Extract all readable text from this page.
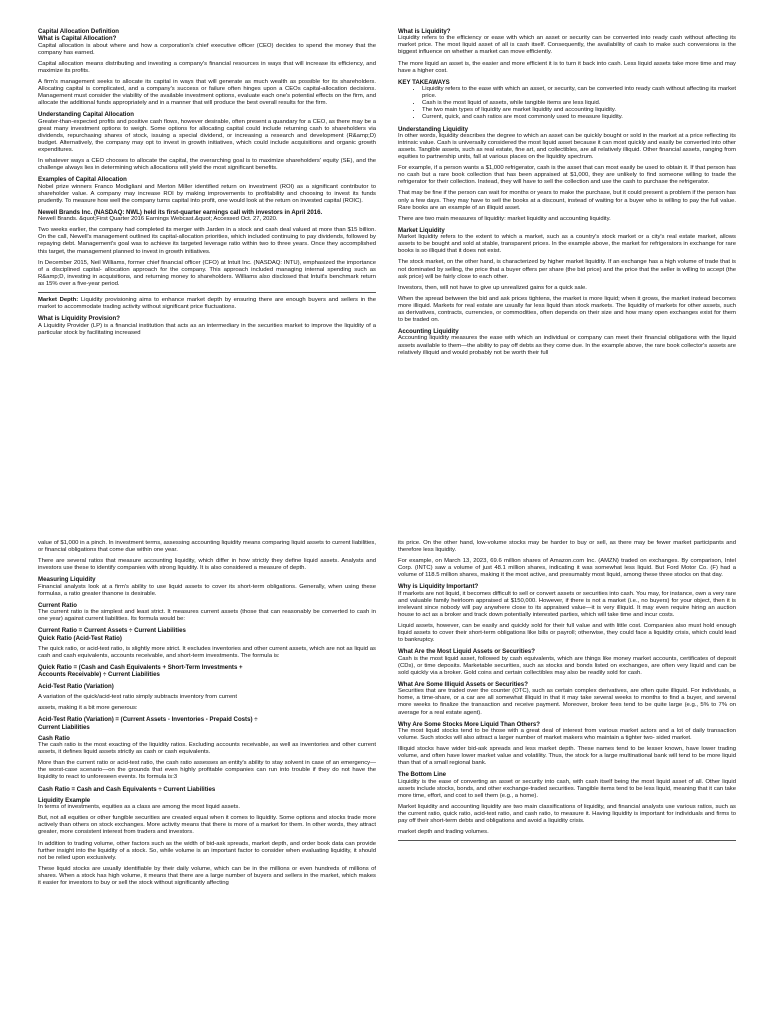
Capital Allocation Definition
What is Capital Allocation?

Capital allocation is about where and how a corporation's chief executive officer (CEO) decides to spend the money that the company has earned.

Capital allocation means distributing and investing a company's financial resources in ways that will increase its efficiency, and maximize its profits.

A firm's management seeks to allocate its capital in ways that will generate as much wealth as possible for its shareholders. Allocating capital is complicated, and a company's success or failure often hinges upon a CEOs capital-allocation decisions. Management must consider the viability of the available investment options, evaluate each one's potential effects on the firm, and allocate the additional funds appropriately and in a manner that will produce the best overall results for the firm.

Understanding Capital Allocation

Greater-than-expected profits and positive cash flows, however desirable, often present a quandary for a CEO, as there may be a great many investment options to weigh. Some options for allocating capital could include returning cash to shareholders via dividends, repurchasing shares of stock, issuing a special dividend, or increasing a research and development (R&amp;D) budget. Alternatively, the company may opt to invest in growth initiatives, which could include acquisitions and organic growth expenditures.

In whatever ways a CEO chooses to allocate the capital, the overarching goal is to maximize shareholders' equity (SE), and the challenge always lies in determining which allocations will yield the most significant benefits.

Examples of Capital Allocation

Nobel prize winners Franco Modigliani and Merton Miller identified return on investment (ROI) as a significant contributor to shareholder value. A company may increase ROI by making improvements to profitability and choosing to invest its funds prudently. To measure how well the company turns capital into profit, one would look at the return on invested capital (ROIC).

Newell Brands Inc. (NASDAQ: NWL) held its first-quarter earnings call with investors in April 2016.

Newell Brands. &quot;First Quarter 2016 Earnings Webcast.&quot; Accessed Oct. 27, 2020.

Two weeks earlier, the company had completed its merger with Jarden in a stock and cash deal valued at more than $15 billion. On the call, Newell's management outlined its capital-allocation priorities, which included continuing to pay dividends, followed by repaying debt. Management's goal was to achieve its targeted leverage ratio within two to three years. Once they accomplished this target, the management planned to invest in growth initiatives.

In December 2015, Neil Williams, former chief financial officer (CFO) at Intuit Inc. (NASDAQ: INTU), emphasized the importance of a disciplined capital- allocation approach for the company. This approach included managing internal spending such as R&amp;D, investing in acquisitions, and returning money to shareholders. Williams also disclosed that Intuit's benchmark return as 15% over a five-year period.

Market Depth: Liquidity provisioning aims to enhance market depth by ensuring there are enough buyers and sellers in the market to accommodate trading activity without significant price fluctuations.

What is Liquidity Provision?

A Liquidity Provider (LP) is a financial institution that acts as an intermediary in the securities market to improve the liquidity of a particular stock by facilitating increased

What is Liquidity?

Liquidity refers to the efficiency or ease with which an asset or security can be converted into ready cash without affecting its market price. The most liquid asset of all is cash itself. Consequently, the availability of cash to make such conversions is the biggest influence on whether a market can move efficiently.

The more liquid an asset is, the easier and more efficient it is to turn it back into cash. Less liquid assets take more time and may have a higher cost.

KEY TAKEAWAYS
• Liquidity refers to the ease with which an asset, or security, can be converted into ready cash without affecting its market price.
• Cash is the most liquid of assets, while tangible items are less liquid.
• The two main types of liquidity are market liquidity and accounting liquidity.
• Current, quick, and cash ratios are most commonly used to measure liquidity.
Understanding Liquidity

In other words, liquidity describes the degree to which an asset can be quickly bought or sold in the market at a price reflecting its intrinsic value. Cash is universally considered the most liquid asset because it can most quickly and easily be converted into other assets. Tangible assets, such as real estate, fine art, and collectibles, are all relatively illiquid. Other financial assets, ranging from equities to partnership units, fall at various places on the liquidity spectrum.

For example, if a person wants a $1,000 refrigerator, cash is the asset that can most easily be used to obtain it. If that person has no cash but a rare book collection that has been appraised at $1,000, they are unlikely to find someone willing to trade the refrigerator for their collection. Instead, they will have to sell the collection and use the cash to purchase the refrigerator.

That may be fine if the person can wait for months or years to make the purchase, but it could present a problem if the person has only a few days. They may have to sell the books at a discount, instead of waiting for a buyer who is willing to pay the full value. Rare books are an example of an illiquid asset.

There are two main measures of liquidity: market liquidity and accounting liquidity.

Market Liquidity

Market liquidity refers to the extent to which a market, such as a country's stock market or a city's real estate market, allows assets to be bought and sold at stable, transparent prices. In the example above, the market for refrigerators in exchange for rare books is so illiquid that it does not exist.

The stock market, on the other hand, is characterized by higher market liquidity. If an exchange has a high volume of trade that is not dominated by selling, the price that a buyer offers per share (the bid price) and the price that the seller is willing to accept (the ask price) will be fairly close to each other.

Investors, then, will not have to give up unrealized gains for a quick sale.

When the spread between the bid and ask prices tightens, the market is more liquid; when it grows, the market instead becomes more illiquid. Markets for real estate are usually far less liquid than stock markets. The liquidity of markets for other assets, such as derivatives, contracts, currencies, or commodities, often depends on their size and how many open exchanges exist for them to be traded on.

Accounting Liquidity

Accounting liquidity measures the ease with which an individual or company can meet their financial obligations with the liquid assets available to them—the ability to pay off debts as they come due. In the example above, the rare book collector's assets are relatively illiquid and would probably not be worth their full

value of $1,000 in a pinch. In investment terms, assessing accounting liquidity means comparing liquid assets to current liabilities, or financial obligations that come due within one year.

There are several ratios that measure accounting liquidity, which differ in how strictly they define liquid assets. Analysts and investors use these to identify companies with strong liquidity. It is also considered a measure of depth.

Measuring Liquidity

Financial analysts look at a firm's ability to use liquid assets to cover its short-term obligations. Generally, when using these formulas, a ratio greater thanone is desirable.

Current Ratio

The current ratio is the simplest and least strict. It measures current assets (those that can reasonably be converted to cash in one year) against current liabilities. Its formula would be:

Current Ratio = Current Assets ÷ Current Liabilities
Quick Ratio (Acid-Test Ratio)

The quick ratio, or acid-test ratio, is slightly more strict. It excludes inventories and other current assets, which are not as liquid as cash and cash equivalents, accounts receivable, and short-term investments. The formula is:

Quick Ratio = (Cash and Cash Equivalents + Short-Term Investments +
Accounts Receivable) ÷ Current Liabilities
Acid-Test Ratio (Variation)

A variation of the quick/acid-test ratio simply subtracts inventory from current

assets, making it a bit more generous:

Acid-Test Ratio (Variation) = (Current Assets - Inventories - Prepaid Costs) ÷
Current Liabilities
Cash Ratio

The cash ratio is the most exacting of the liquidity ratios. Excluding accounts receivable, as well as inventories and other current assets, it defines liquid assets strictly as cash or cash equivalents.

More than the current ratio or acid-test ratio, the cash ratio assesses an entity's ability to stay solvent in case of an emergency—the worst-case scenario—on the grounds that even highly profitable companies can run into trouble if they do not have the liquidity to react to unforeseen events. Its formula is:3

Cash Ratio = Cash and Cash Equivalents ÷ Current Liabilities
Liquidity Example

In terms of investments, equities as a class are among the most liquid assets.

But, not all equities or other fungible securities are created equal when it comes to liquidity. Some options and stocks trade more actively than others on stock exchanges. More activity means that there is more of a market for them. In other words, they attract greater, more consistent interest from traders and investors.

In addition to trading volume, other factors such as the width of bid-ask spreads, market depth, and order book data can provide further insight into the liquidity of a stock. So, while volume is an important factor to consider when evaluating liquidity, it should not be relied upon exclusively.

These liquid stocks are usually identifiable by their daily volume, which can be in the millions or even hundreds of millions of shares. When a stock has high volume, it means that there are a large number of buyers and sellers in the market, which makes it easier for investors to buy or sell the stock without significantly affecting

its price. On the other hand, low-volume stocks may be harder to buy or sell, as there may be fewer market participants and therefore less liquidity.

For example, on March 13, 2023, 69.6 million shares of Amazon.com Inc. (AMZN) traded on exchanges. By comparison, Intel Corp. (INTC) saw a volume of just 48.1 million shares, indicating it was somewhat less liquid. But Ford Motor Co. (F) had a volume of 118.5 million shares, making it the most active, and presumably most liquid, among these three stocks on that day.

Why is Liquidity Important?

If markets are not liquid, it becomes difficult to sell or convert assets or securities into cash. You may, for instance, own a very rare and valuable family heirloom appraised at $150,000. However, if there is not a market (i.e., no buyers) for your object, then it is irrelevant since nobody will pay anywhere close to its appraised value—it is very illiquid. It may even require hiring an auction house to act as a broker and track down potentially interested parties, which will take time and incur costs.

Liquid assets, however, can be easily and quickly sold for their full value and with little cost. Companies also must hold enough liquid assets to cover their short-term obligations like bills or payroll; otherwise, they could face a liquidity crisis, which could lead to bankruptcy.

What Are the Most Liquid Assets or Securities?

Cash is the most liquid asset, followed by cash equivalents, which are things like money market accounts, certificates of deposit (CDs), or time deposits. Marketable securities, such as stocks and bonds listed on exchanges, are often very liquid and can be sold quickly via a broker. Gold coins and certain collectibles may also be readily sold for cash.

What Are Some Illiquid Assets or Securities?

Securities that are traded over the counter (OTC), such as certain complex derivatives, are often quite illiquid. For individuals, a home, a time-share, or a car are all somewhat illiquid in that it may take several weeks to months to find a buyer, and several more weeks to finalize the transaction and receive payment. Moreover, broker fees tend to be quite large (e.g., 5% to 7% on average for a real estate agent).

Why Are Some Stocks More Liquid Than Others?

The most liquid stocks tend to be those with a great deal of interest from various market actors and a lot of daily transaction volume. Such stocks will also attract a larger number of market makers who maintain a tighter two- sided market.

Illiquid stocks have wider bid-ask spreads and less market depth. These names tend to be lesser known, have lower trading volume, and often have lower market value and volatility. Thus, the stock for a large multinational bank will tend to be more liquid than that of a small regional bank.

The Bottom Line

Liquidity is the ease of converting an asset or security into cash, with cash itself being the most liquid asset of all. Other liquid assets include stocks, bonds, and other exchange-traded securities. Tangible items tend to be less liquid, meaning that it can take more time, effort, and cost to sell them (e.g., a home).

Market liquidity and accounting liquidity are two main classifications of liquidity, and financial analysts use various ratios, such as the current ratio, quick ratio, acid-test ratio, and cash ratio, to measure it. Having liquidity is important for individuals and firms to pay off their short-term debts and obligations and avoid a liquidity crisis.

market depth and trading volumes.
